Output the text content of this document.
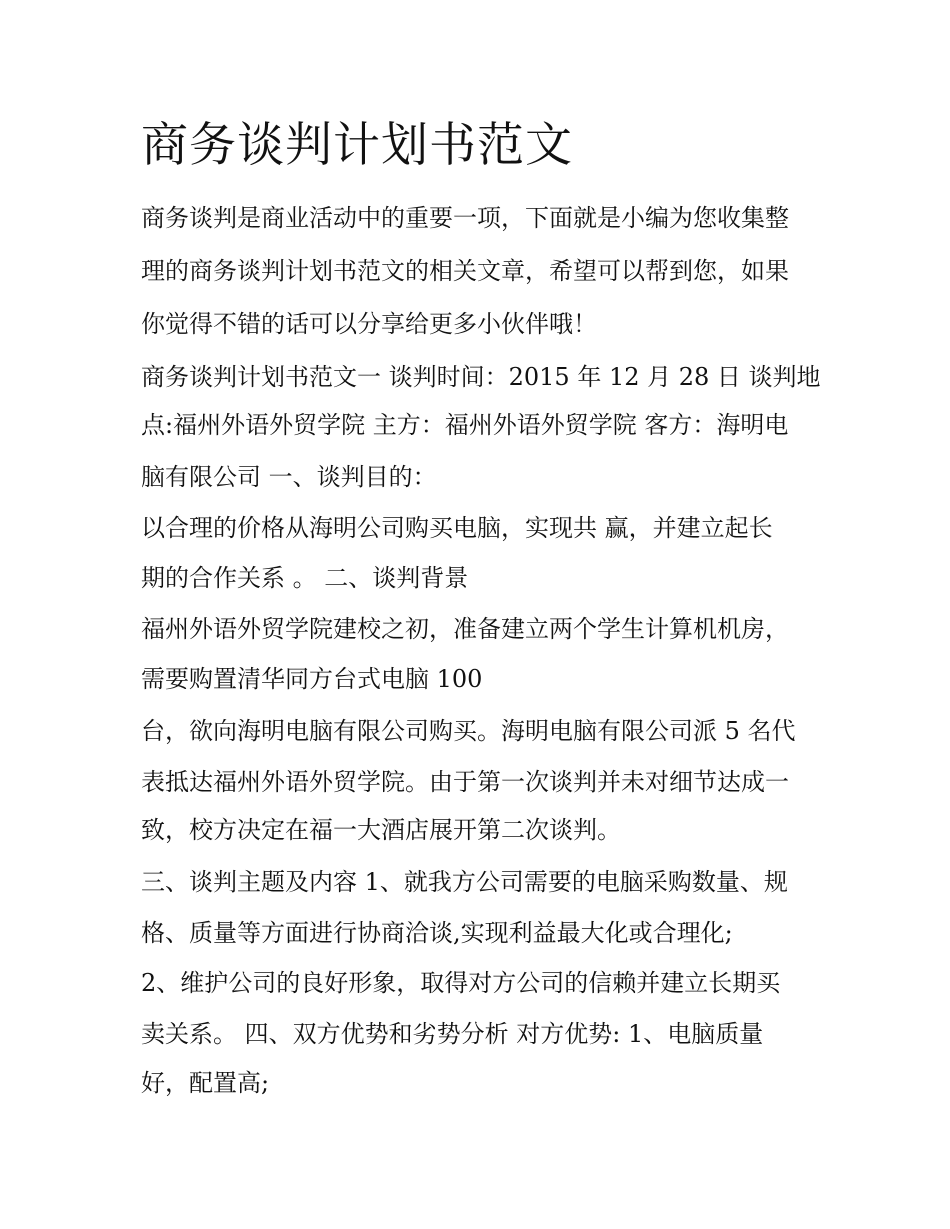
商务谈判计划书范文

商务谈判是商业活动中的重要一项，下面就是小编为您收集整

理的商务谈判计划书范文的相关文章，希望可以帮到您，如果

你觉得不错的话可以分享给更多小伙伴哦！

商务谈判计划书范文一 谈判时间：2015 年 12 月 28 日 谈判地

点:福州外语外贸学院 主方：福州外语外贸学院 客方：海明电

脑有限公司 一、谈判目的：

以合理的价格从海明公司购买电脑，实现共 赢，并建立起长

期的合作关系 。 二、谈判背景

福州外语外贸学院建校之初，准备建立两个学生计算机机房，

需要购置清华同方台式电脑 100

台，欲向海明电脑有限公司购买。海明电脑有限公司派 5 名代

表抵达福州外语外贸学院。由于第一次谈判并未对细节达成一

致，校方决定在福一大酒店展开第二次谈判。

三、谈判主题及内容 1、就我方公司需要的电脑采购数量、规

格、质量等方面进行协商洽谈,实现利益最大化或合理化;

2、维护公司的良好形象，取得对方公司的信赖并建立长期买

卖关系。 四、双方优势和劣势分析 对方优势: 1、电脑质量

好，配置高;
